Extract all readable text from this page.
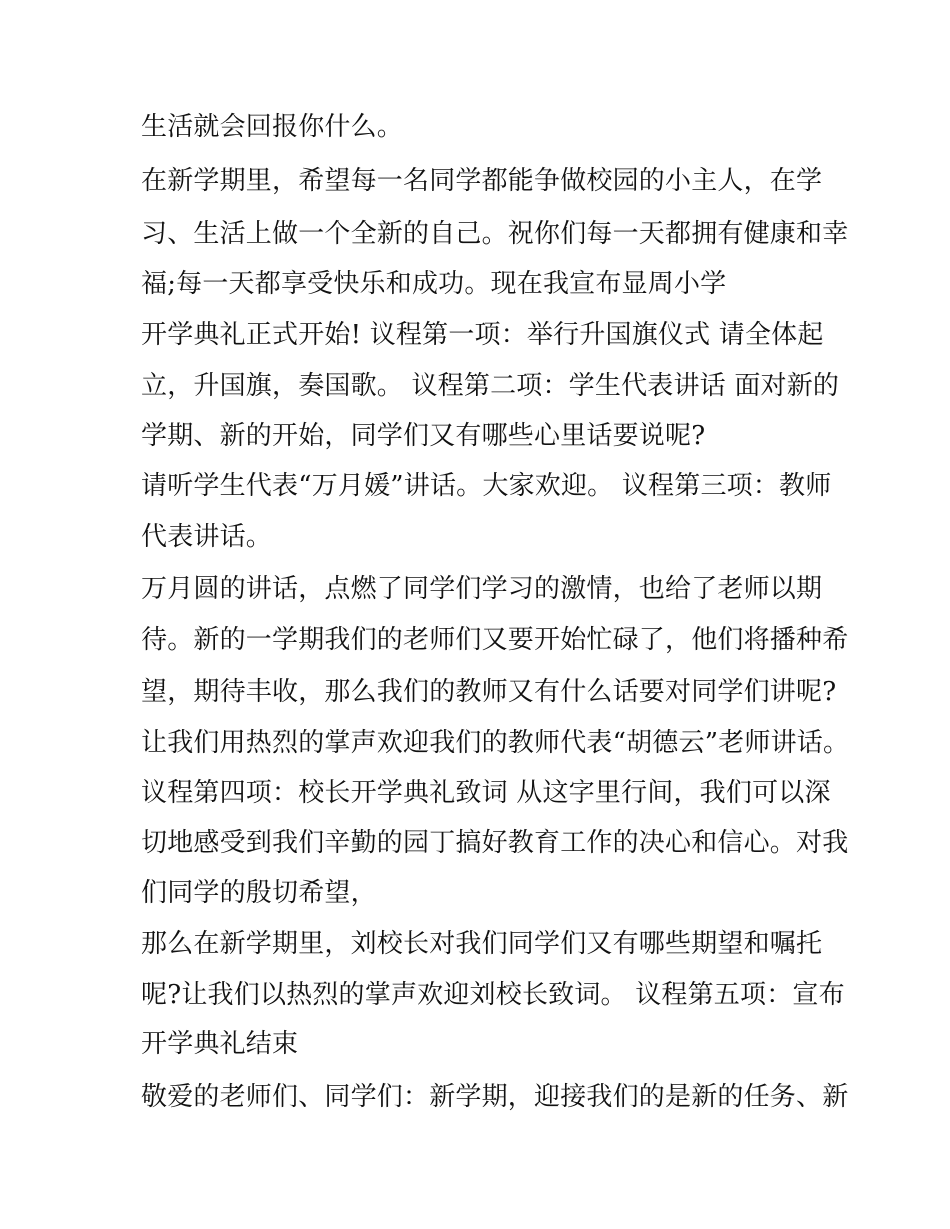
生活就会回报你什么。
在新学期里，希望每一名同学都能争做校园的小主人，在学
习、生活上做一个全新的自己。祝你们每一天都拥有健康和幸
福;每一天都享受快乐和成功。现在我宣布显周小学
开学典礼正式开始! 议程第一项：举行升国旗仪式 请全体起
立，升国旗，奏国歌。 议程第二项：学生代表讲话 面对新的
学期、新的开始，同学们又有哪些心里话要说呢?
请听学生代表“万月媛”讲话。大家欢迎。 议程第三项：教师
代表讲话。
万月圆的讲话，点燃了同学们学习的激情，也给了老师以期
待。新的一学期我们的老师们又要开始忙碌了，他们将播种希
望，期待丰收，那么我们的教师又有什么话要对同学们讲呢?
让我们用热烈的掌声欢迎我们的教师代表“胡德云”老师讲话。
议程第四项：校长开学典礼致词 从这字里行间，我们可以深
切地感受到我们辛勤的园丁搞好教育工作的决心和信心。对我
们同学的殷切希望，
那么在新学期里，刘校长对我们同学们又有哪些期望和嘱托
呢?让我们以热烈的掌声欢迎刘校长致词。 议程第五项：宣布
开学典礼结束
敬爱的老师们、同学们：新学期，迎接我们的是新的任务、新
